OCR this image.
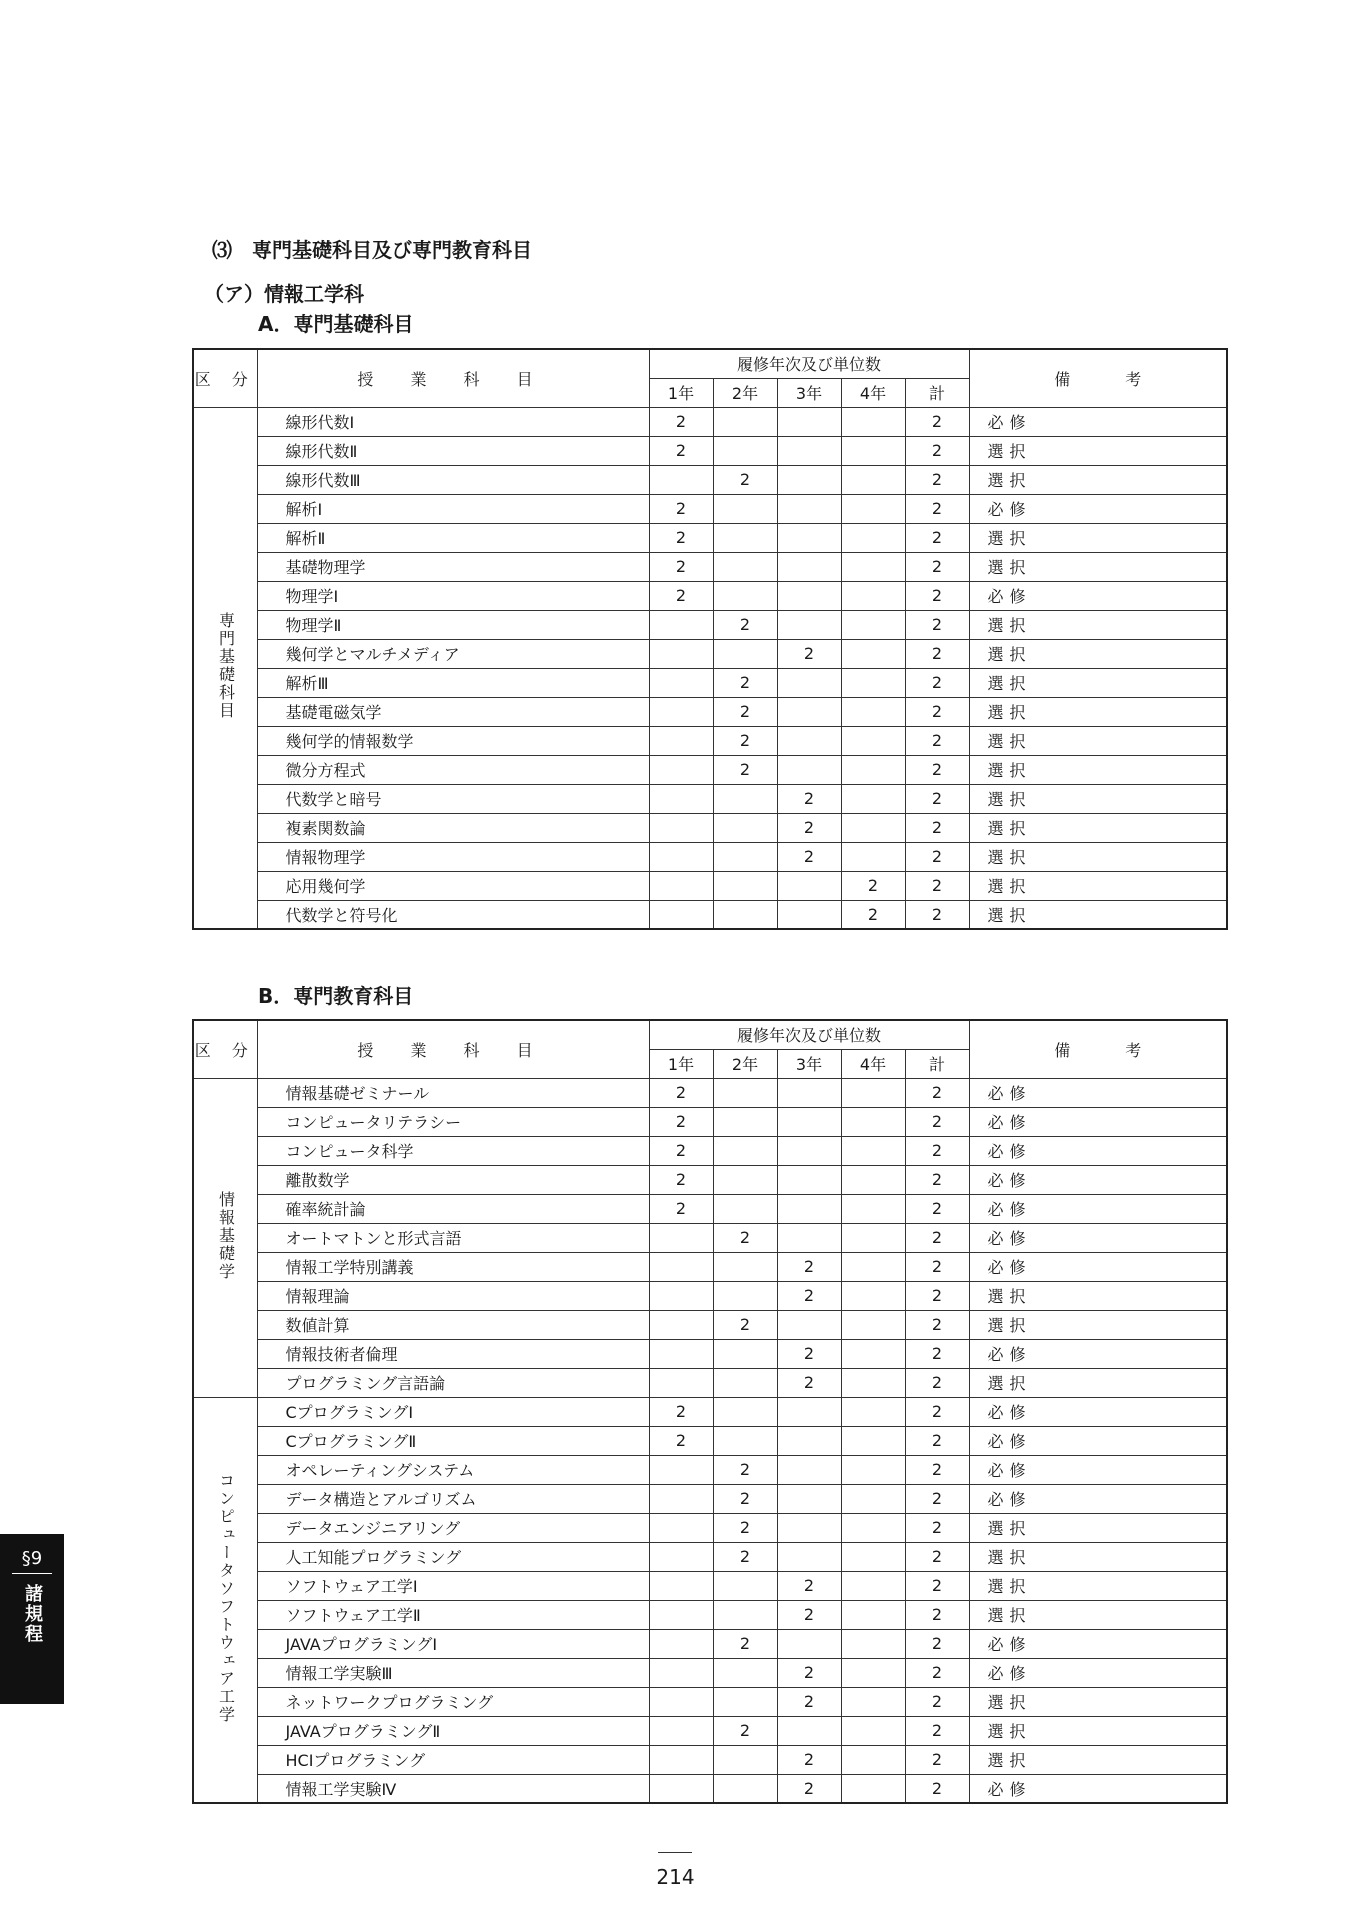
⑶　専門基礎科目及び専門教育科目
（ア）情報工学科
A．専門基礎科目
区 分	授 業 科 目	履修年次及び単位数					備 考
		1年	2年	3年	4年	計	
専門基礎科目	線形代数Ⅰ	2				2	必修
	線形代数Ⅱ	2				2	選択
	線形代数Ⅲ		2			2	選択
	解析Ⅰ	2				2	必修
	解析Ⅱ	2				2	選択
	基礎物理学	2				2	選択
	物理学Ⅰ	2				2	必修
	物理学Ⅱ		2			2	選択
	幾何学とマルチメディア			2		2	選択
	解析Ⅲ		2			2	選択
	基礎電磁気学		2			2	選択
	幾何学的情報数学		2			2	選択
	微分方程式		2			2	選択
	代数学と暗号			2		2	選択
	複素関数論			2		2	選択
	情報物理学			2		2	選択
	応用幾何学				2	2	選択
	代数学と符号化				2	2	選択
B．専門教育科目
区 分	授 業 科 目	履修年次及び単位数					備 考
		1年	2年	3年	4年	計	
情報基礎学	情報基礎ゼミナール	2				2	必修
	コンピュータリテラシー	2				2	必修
	コンピュータ科学	2				2	必修
	離散数学	2				2	必修
	確率統計論	2				2	必修
	オートマトンと形式言語		2			2	必修
	情報工学特別講義			2		2	必修
	情報理論			2		2	選択
	数値計算		2			2	選択
	情報技術者倫理			2		2	必修
	プログラミング言語論			2		2	選択
コンピュータソフトウェア工学	CプログラミングⅠ	2				2	必修
	CプログラミングⅡ	2				2	必修
	オペレーティングシステム		2			2	必修
	データ構造とアルゴリズム		2			2	必修
	データエンジニアリング		2			2	選択
	人工知能プログラミング		2			2	選択
	ソフトウェア工学Ⅰ			2		2	選択
	ソフトウェア工学Ⅱ			2		2	選択
	JAVAプログラミングⅠ		2			2	必修
	情報工学実験Ⅲ			2		2	必修
	ネットワークプログラミング			2		2	選択
	JAVAプログラミングⅡ		2			2	選択
	HCIプログラミング			2		2	選択
	情報工学実験Ⅳ			2		2	必修
§9
諸規程
214
